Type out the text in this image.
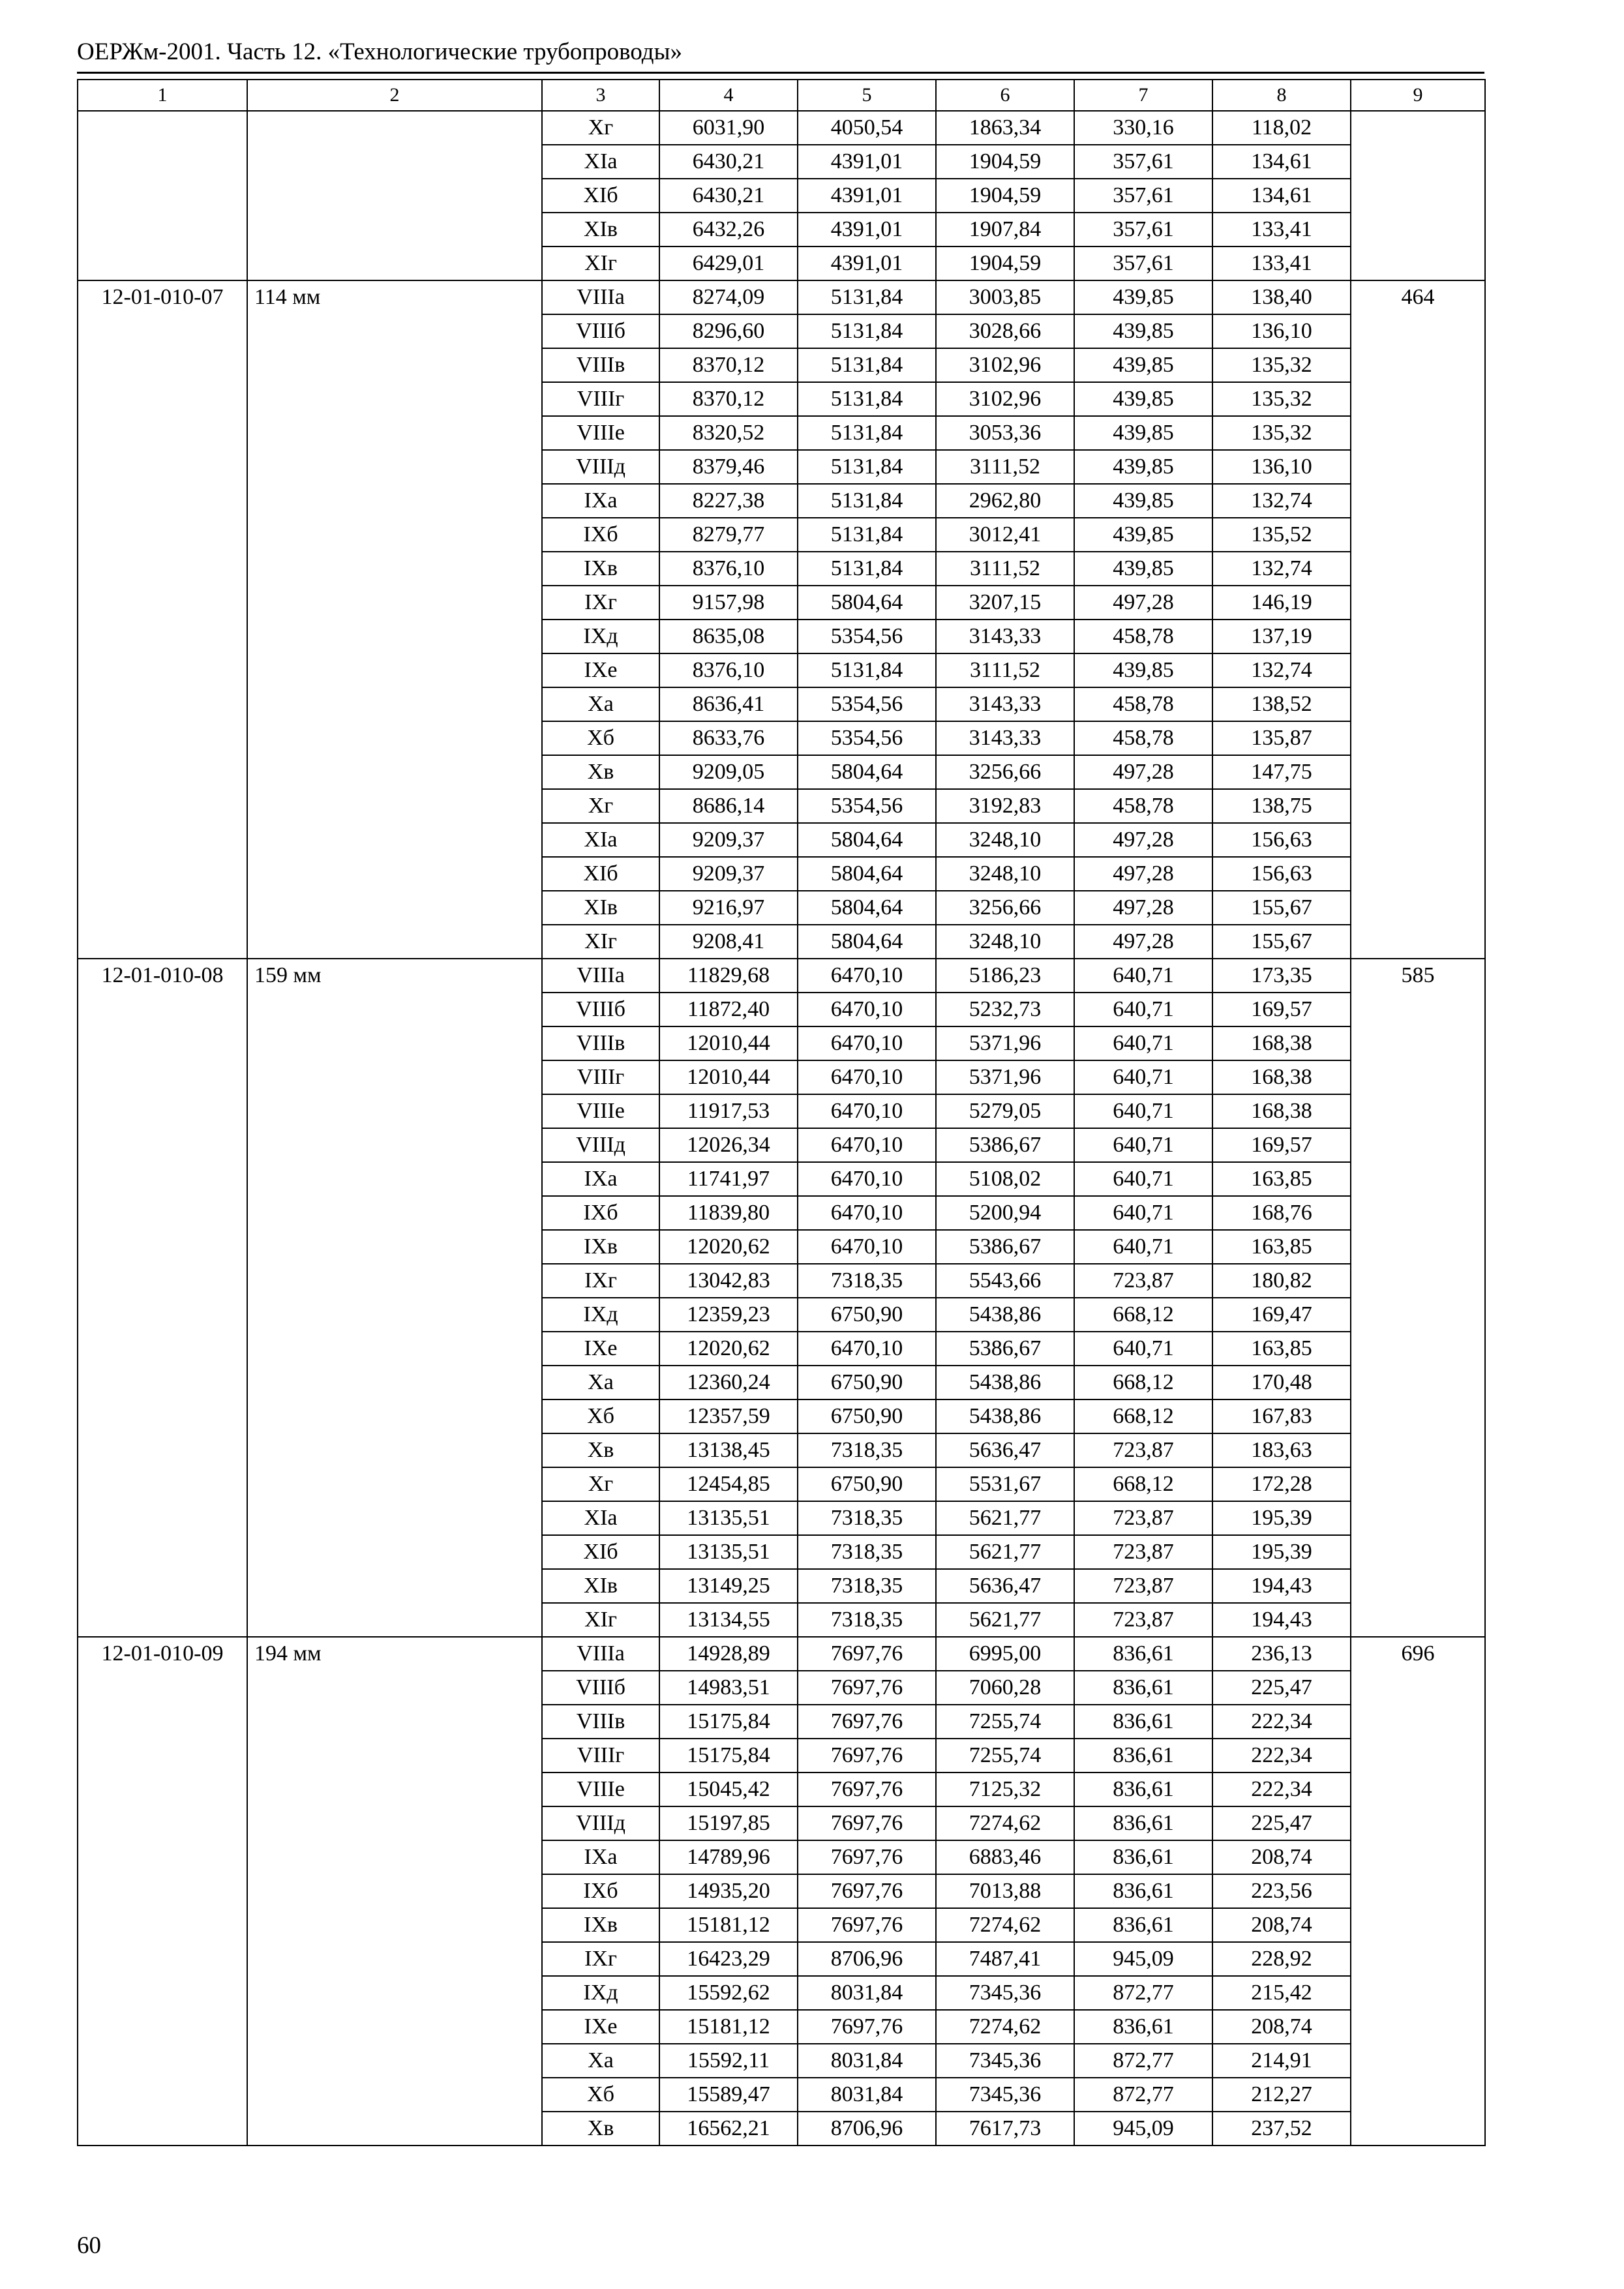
ОЕРЖм-2001. Часть 12. «Технологические трубопроводы»
1	2	3	4	5	6	7	8	9
		Xг	6031,90	4050,54	1863,34	330,16	118,02	
		XIа	6430,21	4391,01	1904,59	357,61	134,61	
		XIб	6430,21	4391,01	1904,59	357,61	134,61	
		XIв	6432,26	4391,01	1907,84	357,61	133,41	
		XIг	6429,01	4391,01	1904,59	357,61	133,41	
12-01-010-07	114 мм	VIIIа	8274,09	5131,84	3003,85	439,85	138,40	464
		VIIIб	8296,60	5131,84	3028,66	439,85	136,10	
		VIIIв	8370,12	5131,84	3102,96	439,85	135,32	
		VIIIг	8370,12	5131,84	3102,96	439,85	135,32	
		VIIIе	8320,52	5131,84	3053,36	439,85	135,32	
		VIIIд	8379,46	5131,84	3111,52	439,85	136,10	
		IXа	8227,38	5131,84	2962,80	439,85	132,74	
		IXб	8279,77	5131,84	3012,41	439,85	135,52	
		IXв	8376,10	5131,84	3111,52	439,85	132,74	
		IXг	9157,98	5804,64	3207,15	497,28	146,19	
		IXд	8635,08	5354,56	3143,33	458,78	137,19	
		IXе	8376,10	5131,84	3111,52	439,85	132,74	
		Xа	8636,41	5354,56	3143,33	458,78	138,52	
		Xб	8633,76	5354,56	3143,33	458,78	135,87	
		Xв	9209,05	5804,64	3256,66	497,28	147,75	
		Xг	8686,14	5354,56	3192,83	458,78	138,75	
		XIа	9209,37	5804,64	3248,10	497,28	156,63	
		XIб	9209,37	5804,64	3248,10	497,28	156,63	
		XIв	9216,97	5804,64	3256,66	497,28	155,67	
		XIг	9208,41	5804,64	3248,10	497,28	155,67	
12-01-010-08	159 мм	VIIIа	11829,68	6470,10	5186,23	640,71	173,35	585
		VIIIб	11872,40	6470,10	5232,73	640,71	169,57	
		VIIIв	12010,44	6470,10	5371,96	640,71	168,38	
		VIIIг	12010,44	6470,10	5371,96	640,71	168,38	
		VIIIе	11917,53	6470,10	5279,05	640,71	168,38	
		VIIIд	12026,34	6470,10	5386,67	640,71	169,57	
		IXа	11741,97	6470,10	5108,02	640,71	163,85	
		IXб	11839,80	6470,10	5200,94	640,71	168,76	
		IXв	12020,62	6470,10	5386,67	640,71	163,85	
		IXг	13042,83	7318,35	5543,66	723,87	180,82	
		IXд	12359,23	6750,90	5438,86	668,12	169,47	
		IXе	12020,62	6470,10	5386,67	640,71	163,85	
		Xа	12360,24	6750,90	5438,86	668,12	170,48	
		Xб	12357,59	6750,90	5438,86	668,12	167,83	
		Xв	13138,45	7318,35	5636,47	723,87	183,63	
		Xг	12454,85	6750,90	5531,67	668,12	172,28	
		XIа	13135,51	7318,35	5621,77	723,87	195,39	
		XIб	13135,51	7318,35	5621,77	723,87	195,39	
		XIв	13149,25	7318,35	5636,47	723,87	194,43	
		XIг	13134,55	7318,35	5621,77	723,87	194,43	
12-01-010-09	194 мм	VIIIа	14928,89	7697,76	6995,00	836,61	236,13	696
		VIIIб	14983,51	7697,76	7060,28	836,61	225,47	
		VIIIв	15175,84	7697,76	7255,74	836,61	222,34	
		VIIIг	15175,84	7697,76	7255,74	836,61	222,34	
		VIIIе	15045,42	7697,76	7125,32	836,61	222,34	
		VIIIд	15197,85	7697,76	7274,62	836,61	225,47	
		IXа	14789,96	7697,76	6883,46	836,61	208,74	
		IXб	14935,20	7697,76	7013,88	836,61	223,56	
		IXв	15181,12	7697,76	7274,62	836,61	208,74	
		IXг	16423,29	8706,96	7487,41	945,09	228,92	
		IXд	15592,62	8031,84	7345,36	872,77	215,42	
		IXе	15181,12	7697,76	7274,62	836,61	208,74	
		Xа	15592,11	8031,84	7345,36	872,77	214,91	
		Xб	15589,47	8031,84	7345,36	872,77	212,27	
		Xв	16562,21	8706,96	7617,73	945,09	237,52	
60
